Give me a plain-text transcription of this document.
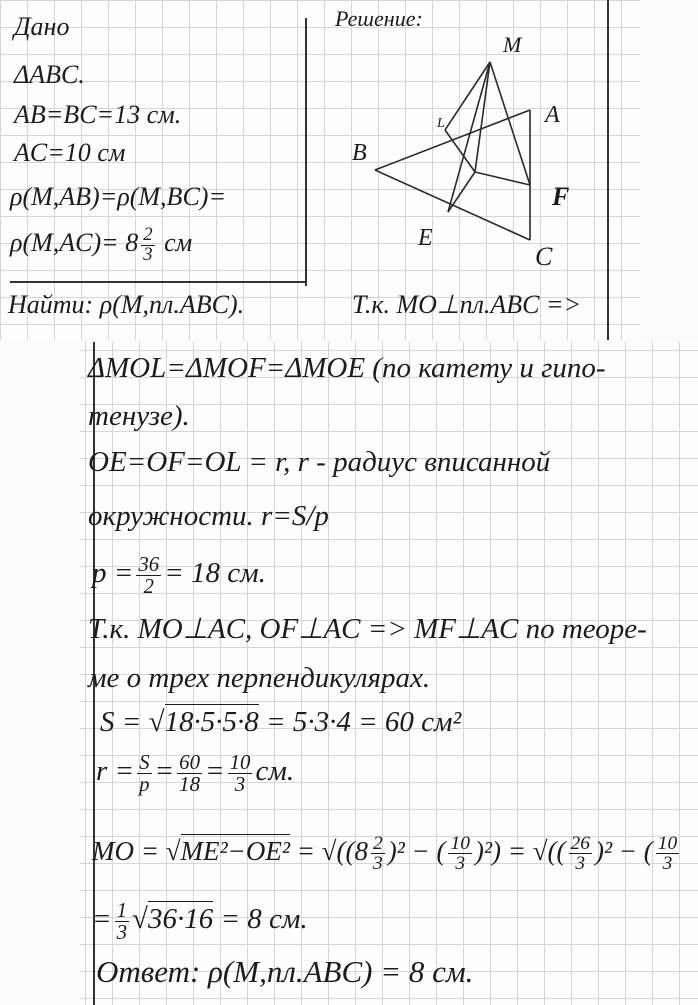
Дано
ΔABC.
AB=BC=13 см.
AC=10 см
ρ(M,AB)=ρ(M,BC)=
$\rho(M,AC)= 8 \frac{2}{3}$ см
Найти: ρ(M,пл.ABC).	Т.к. MO⊥пл.ABC =>
Решение:
M
A
B
L
F
E
C
ΔMOL=ΔMOF=ΔMOE (по катету и гипо-
тенузе).
OE=OF=OL = r, r - радиус вписанной
окружности. r=S/p
$p = \frac{36}{2} = 18$ см.
Т.к. MO⊥AC, OF⊥AC => MF⊥AC по теоре-
ме о трех перпендикулярах.
S = √18·5·5·8 = 5·3·4 = 60 см²
$r = \frac{S}{p} = \frac{60}{18} = \frac{10}{3}$ см.
MO = $√ME^2-OE^2 = √((8 \frac{2}{3} )^2$ − ( $\frac{10}{3} )^2$) = √(( $\frac{26}{3} )^2$ − ( $\frac{10}{3}$
= $\frac{1}{3} √36\cdot 16 = 8$ см.
Ответ: ρ(M,пл.ABC) = 8 см.
